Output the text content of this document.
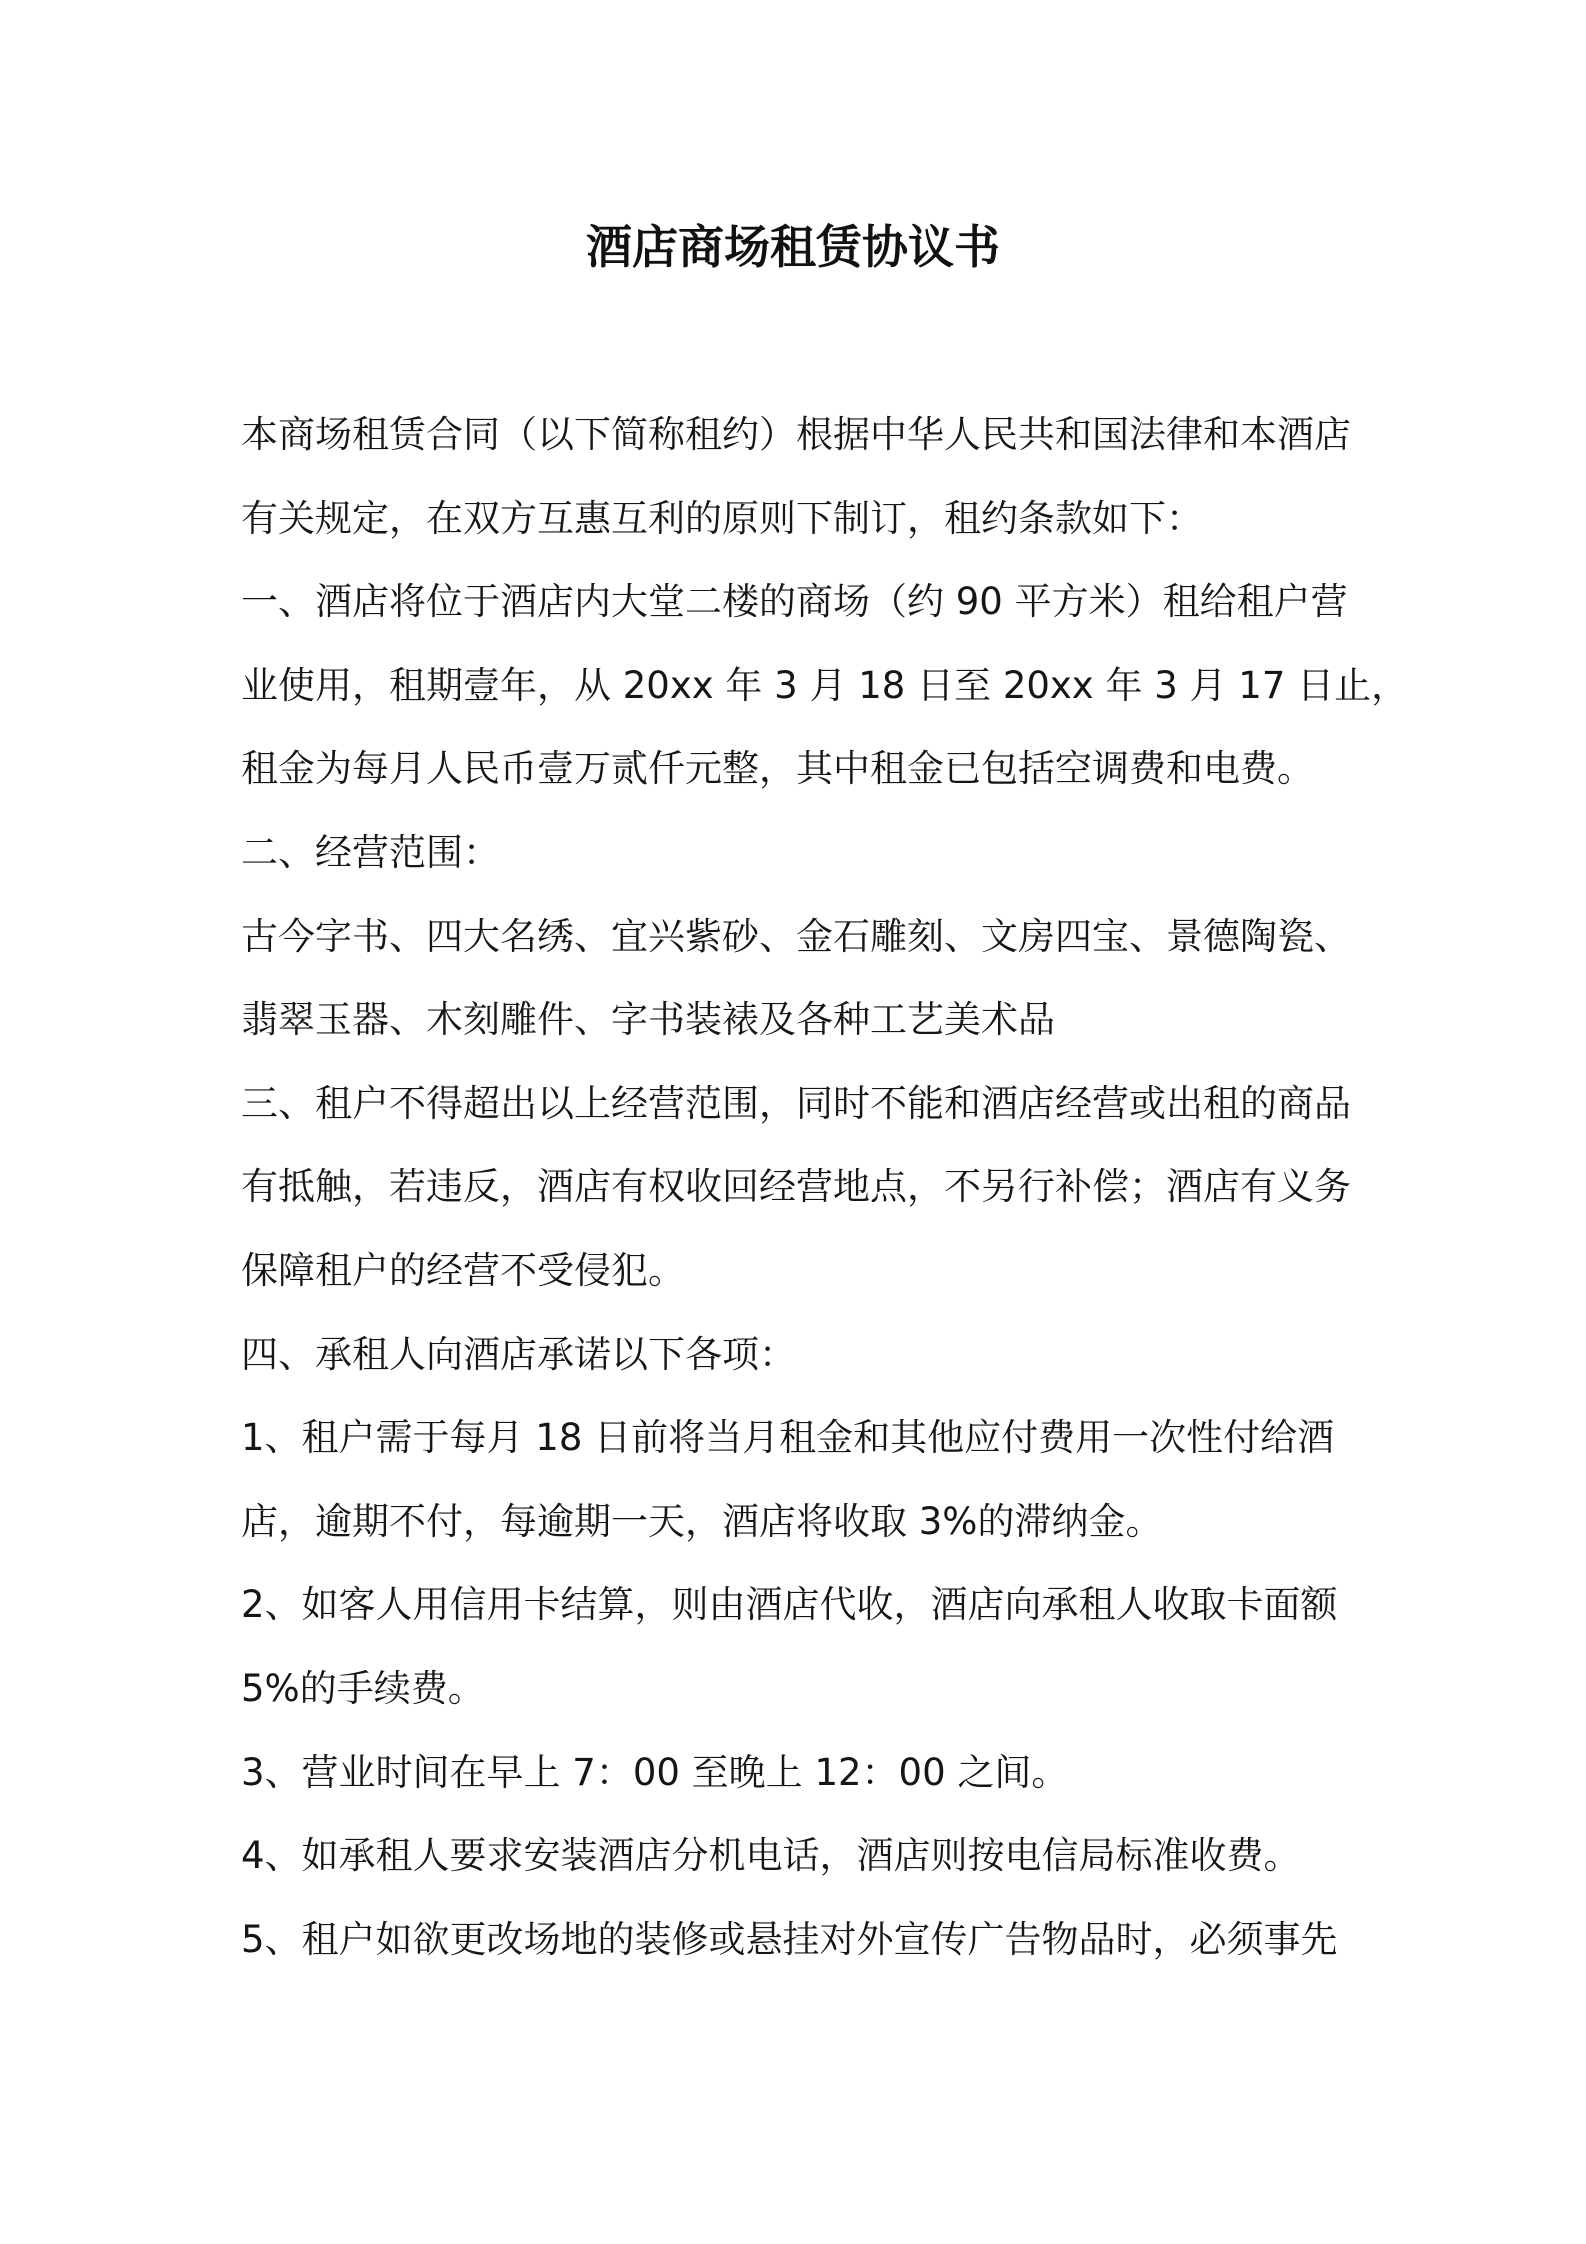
酒店商场租赁协议书
本商场租赁合同（以下简称租约）根据中华人民共和国法律和本酒店
有关规定，在双方互惠互利的原则下制订，租约条款如下：
一、酒店将位于酒店内大堂二楼的商场（约 90 平方米）租给租户营
业使用，租期壹年，从 20xx 年 3 月 18 日至 20xx 年 3 月 17 日止，
租金为每月人民币壹万贰仟元整，其中租金已包括空调费和电费。
二、经营范围：
古今字书、四大名绣、宜兴紫砂、金石雕刻、文房四宝、景德陶瓷、
翡翠玉器、木刻雕件、字书装裱及各种工艺美术品
三、租户不得超出以上经营范围，同时不能和酒店经营或出租的商品
有抵触，若违反，酒店有权收回经营地点，不另行补偿；酒店有义务
保障租户的经营不受侵犯。
四、承租人向酒店承诺以下各项：
1、租户需于每月 18 日前将当月租金和其他应付费用一次性付给酒
店，逾期不付，每逾期一天，酒店将收取 3%的滞纳金。
2、如客人用信用卡结算，则由酒店代收，酒店向承租人收取卡面额
5%的手续费。
3、营业时间在早上 7：00 至晚上 12：00 之间。
4、如承租人要求安装酒店分机电话，酒店则按电信局标准收费。
5、租户如欲更改场地的装修或悬挂对外宣传广告物品时，必须事先
